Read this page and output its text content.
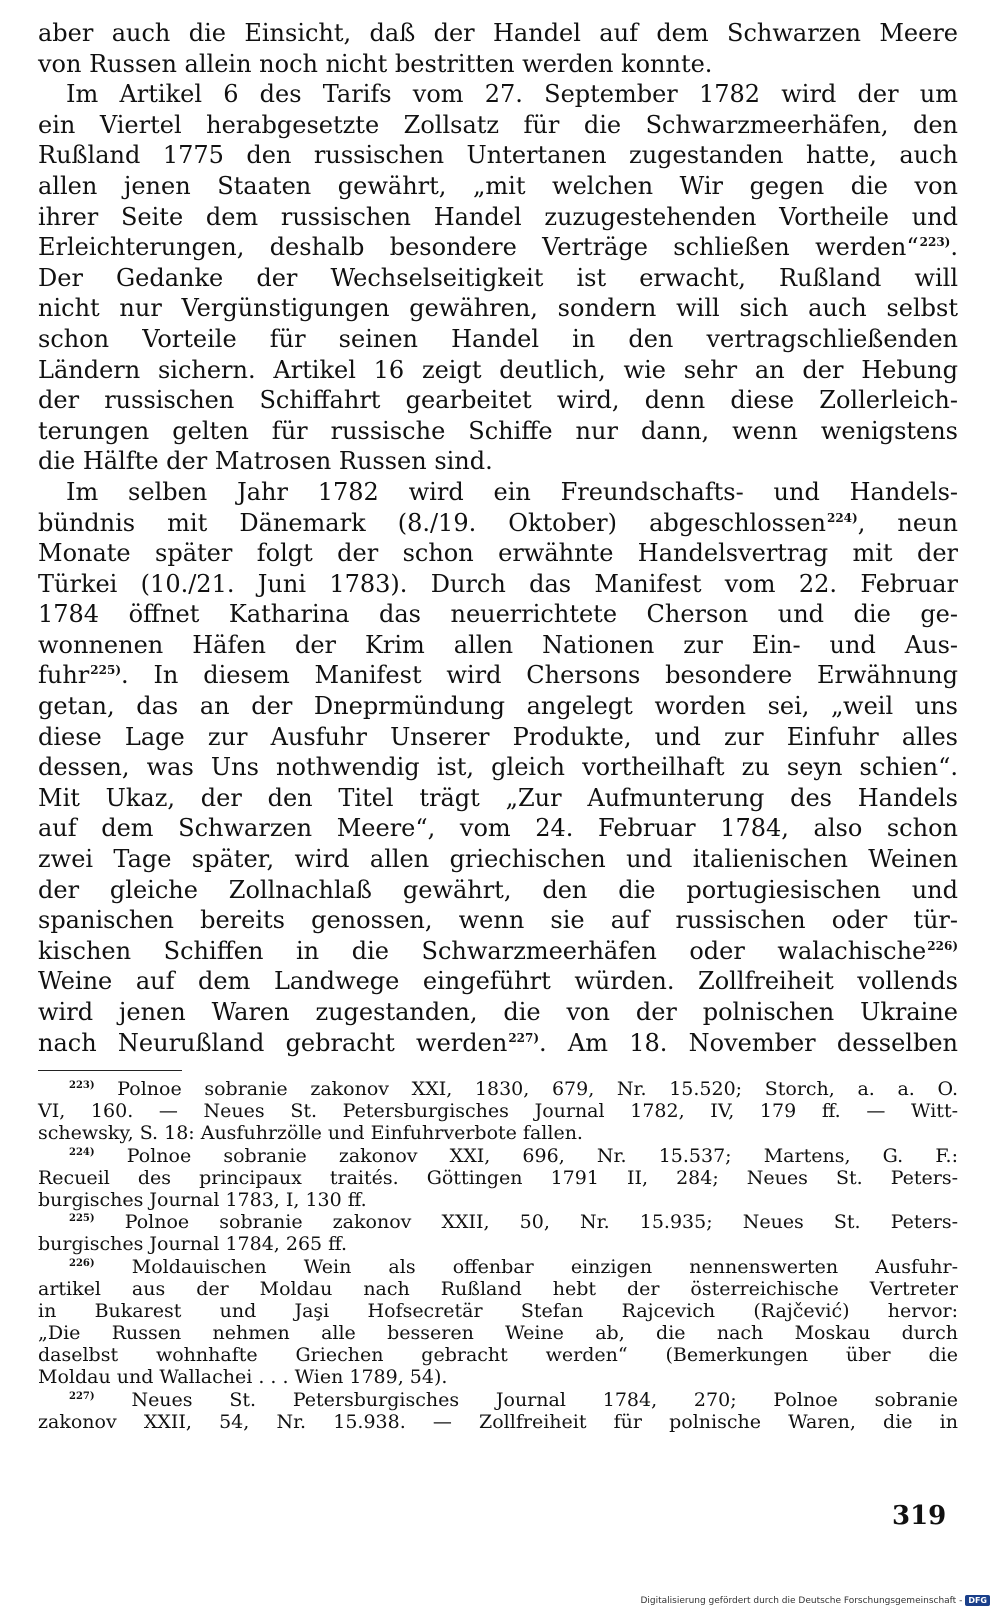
aber auch die Einsicht, daß der Handel auf dem Schwarzen Meere
von Russen allein noch nicht bestritten werden konnte.
Im Artikel 6 des Tarifs vom 27. September 1782 wird der um
ein Viertel herabgesetzte Zollsatz für die Schwarzmeerhäfen, den
Rußland 1775 den russischen Untertanen zugestanden hatte, auch
allen jenen Staaten gewährt, „mit welchen Wir gegen die von
ihrer Seite dem russischen Handel zuzugestehenden Vortheile und
Erleichterungen, deshalb besondere Verträge schließen werden“$^{223)}$.
Der Gedanke der Wechselseitigkeit ist erwacht, Rußland will
nicht nur Vergünstigungen gewähren, sondern will sich auch selbst
schon Vorteile für seinen Handel in den vertragschließenden
Ländern sichern. Artikel 16 zeigt deutlich, wie sehr an der Hebung
der russischen Schiffahrt gearbeitet wird, denn diese Zollerleich-
terungen gelten für russische Schiffe nur dann, wenn wenigstens
die Hälfte der Matrosen Russen sind.
Im selben Jahr 1782 wird ein Freundschafts- und Handels-
bündnis mit Dänemark (8./19. Oktober) abgeschlossen$^{224)}$, neun
Monate später folgt der schon erwähnte Handelsvertrag mit der
Türkei (10./21. Juni 1783). Durch das Manifest vom 22. Februar
1784 öffnet Katharina das neuerrichtete Cherson und die ge-
wonnenen Häfen der Krim allen Nationen zur Ein- und Aus-
fuhr$^{225)}$. In diesem Manifest wird Chersons besondere Erwähnung
getan, das an der Dneprmündung angelegt worden sei, „weil uns
diese Lage zur Ausfuhr Unserer Produkte, und zur Einfuhr alles
dessen, was Uns nothwendig ist, gleich vortheilhaft zu seyn schien“.
Mit Ukaz, der den Titel trägt „Zur Aufmunterung des Handels
auf dem Schwarzen Meere“, vom 24. Februar 1784, also schon
zwei Tage später, wird allen griechischen und italienischen Weinen
der gleiche Zollnachlaß gewährt, den die portugiesischen und
spanischen bereits genossen, wenn sie auf russischen oder tür-
kischen Schiffen in die Schwarzmeerhäfen oder walachische$^{226)}$
Weine auf dem Landwege eingeführt würden. Zollfreiheit vollends
wird jenen Waren zugestanden, die von der polnischen Ukraine
nach Neurußland gebracht werden$^{227)}$. Am 18. November desselben
$^{223)}$ Polnoe sobranie zakonov XXI, 1830, 679, Nr. 15.520; Storch, a. a. O.
VI, 160. — Neues St. Petersburgisches Journal 1782, IV, 179 ff. — Witt-
schewsky, S. 18: Ausfuhrzölle und Einfuhrverbote fallen.
$^{224)}$ Polnoe sobranie zakonov XXI, 696, Nr. 15.537; Martens, G. F.:
Recueil des principaux traités. Göttingen 1791 II, 284; Neues St. Peters-
burgisches Journal 1783, I, 130 ff.
$^{225)}$ Polnoe sobranie zakonov XXII, 50, Nr. 15.935; Neues St. Peters-
burgisches Journal 1784, 265 ff.
$^{226)}$ Moldauischen Wein als offenbar einzigen nennenswerten Ausfuhr-
artikel aus der Moldau nach Rußland hebt der österreichische Vertreter
in Bukarest und Jaşi Hofsecretär Stefan Rajcevich (Rajčević) hervor:
„Die Russen nehmen alle besseren Weine ab, die nach Moskau durch
daselbst wohnhafte Griechen gebracht werden“ (Bemerkungen über die
Moldau und Wallachei . . . Wien 1789, 54).
$^{227)}$ Neues St. Petersburgisches Journal 1784, 270; Polnoe sobranie
zakonov XXII, 54, Nr. 15.938. — Zollfreiheit für polnische Waren, die in
319
Digitalisierung gefördert durch die Deutsche Forschungsgemeinschaft - DFG
